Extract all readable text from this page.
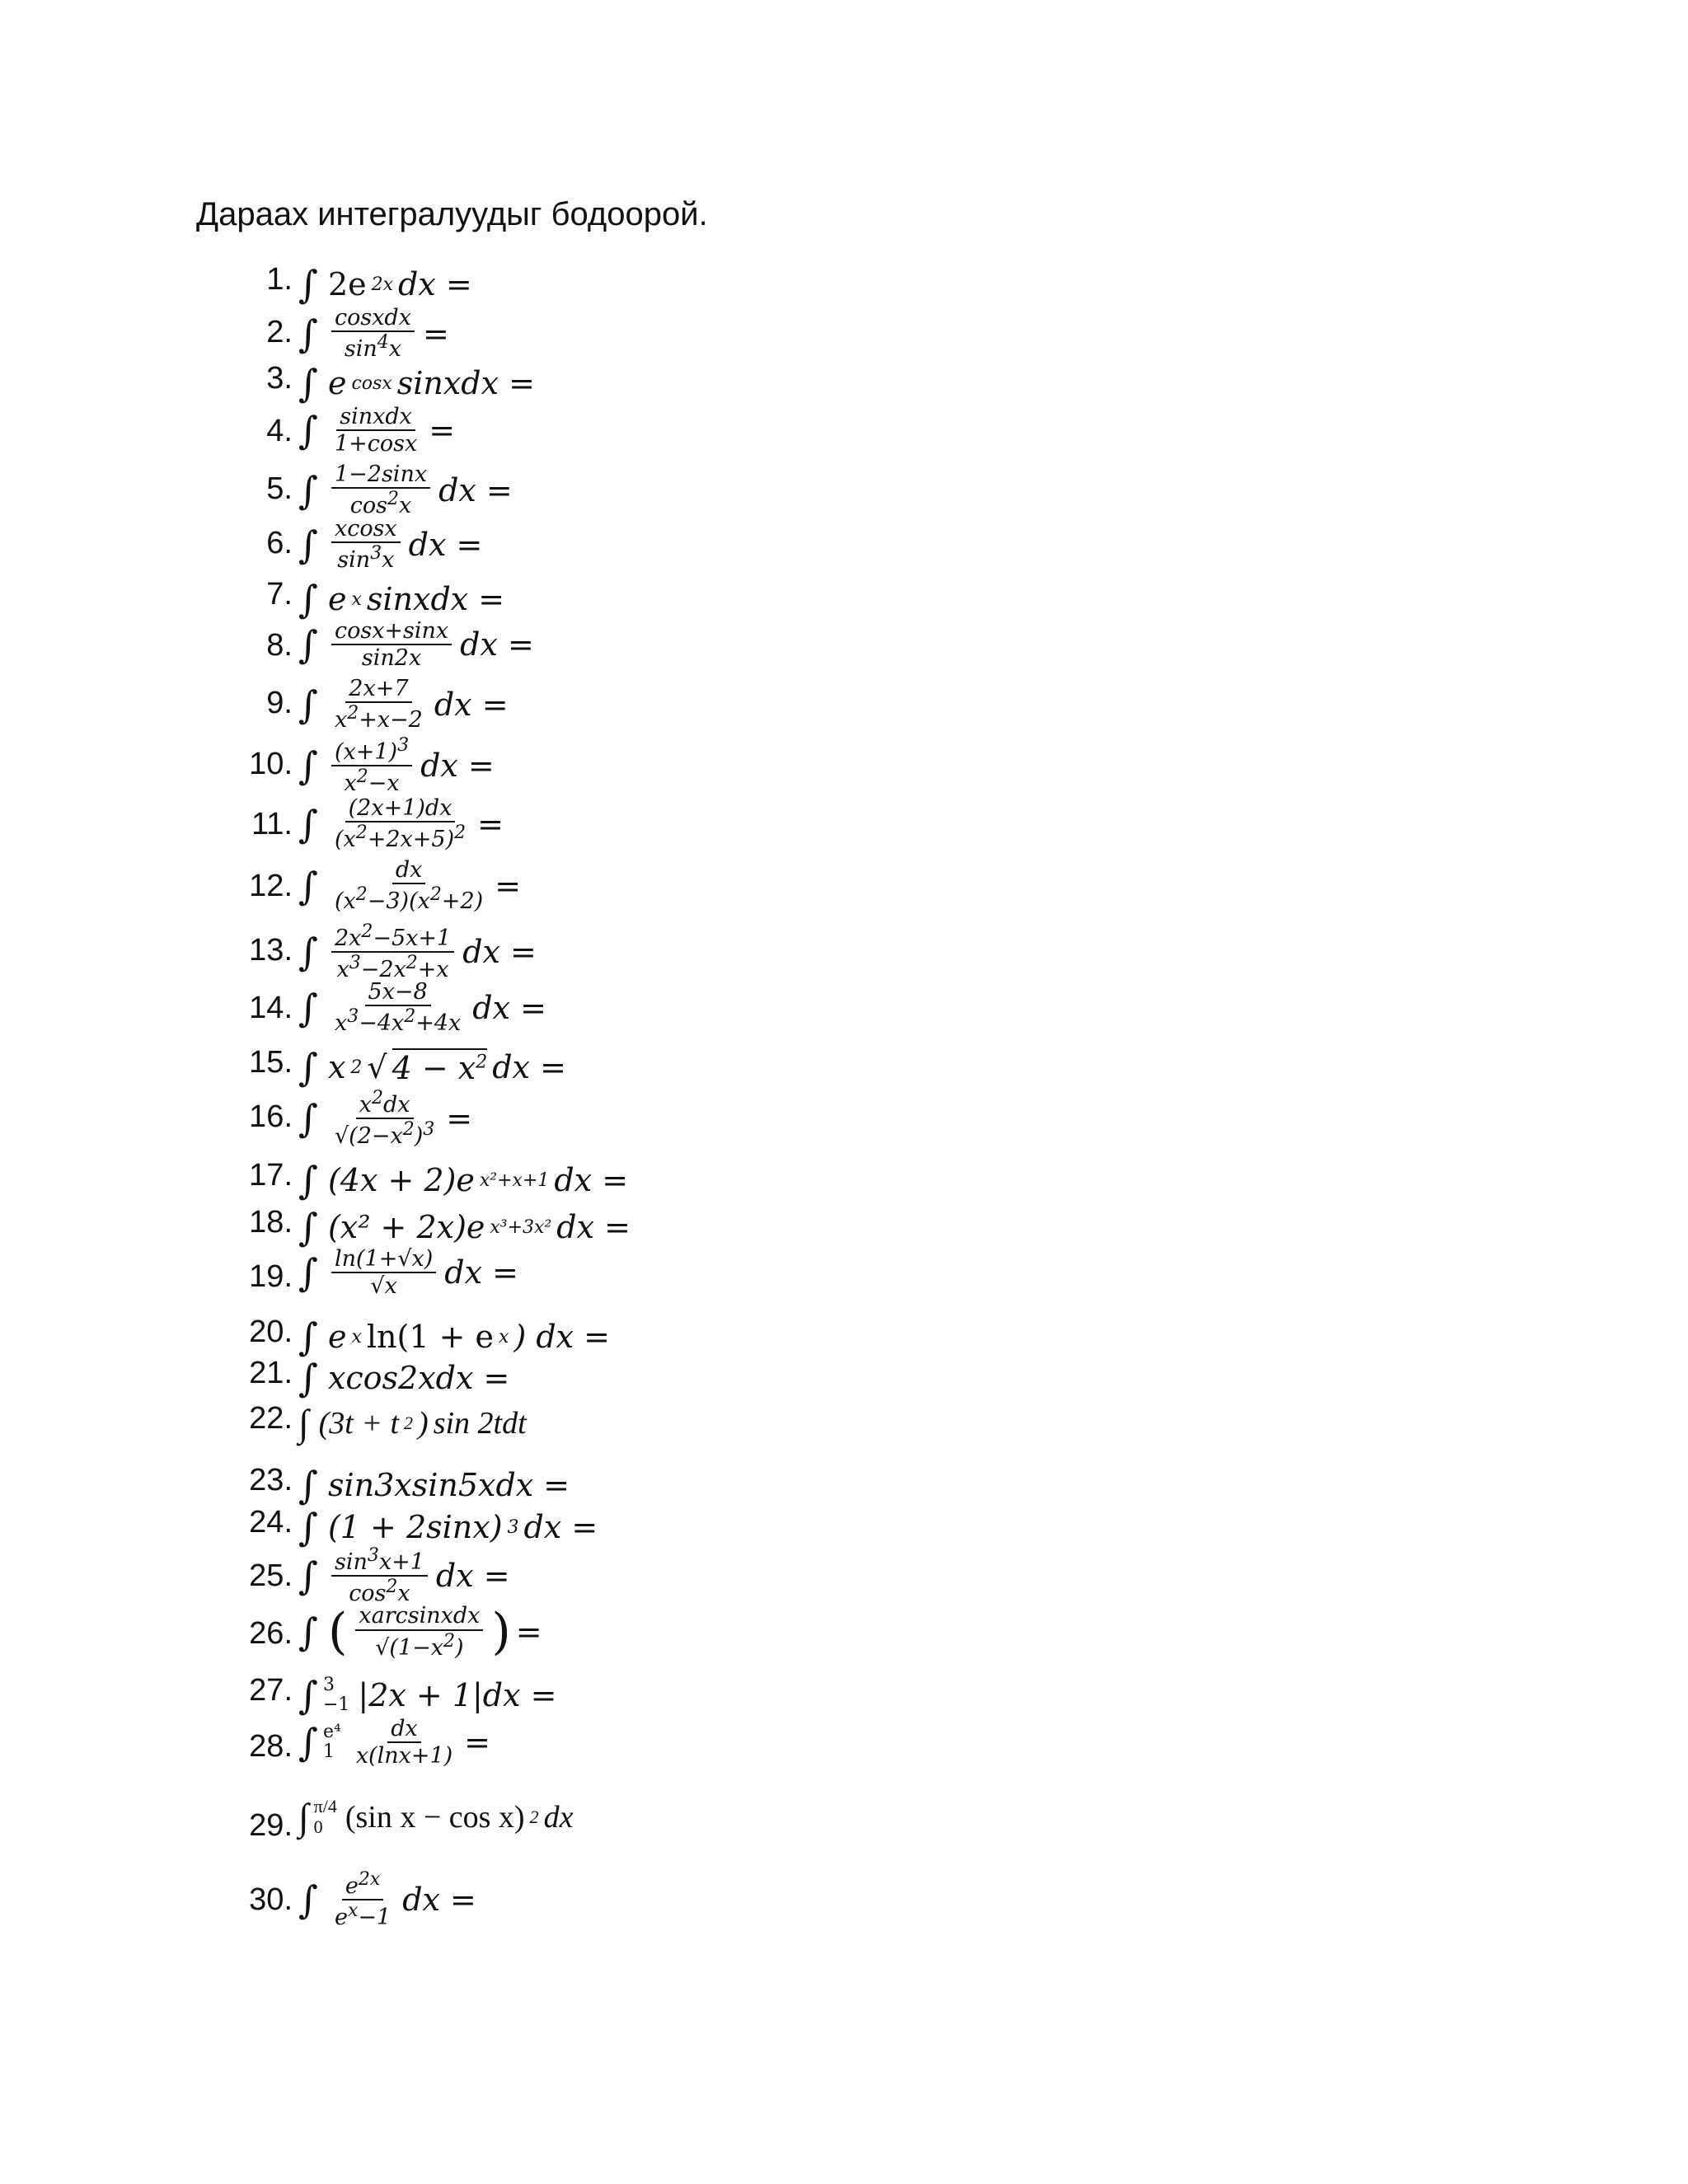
Дараах интегралуудыг бодоорой.
1. ∫ 2e 2x dx =
2. ∫ $\frac{\text{cosxdx}}{\sin^4x}$ =
3. ∫ e cosx sinxdx =
4. ∫ $\frac{\text{sinxdx}}{1+\cos x}$ =
5. ∫ $\frac{1-2\sin x}{\cos^2x}$ dx =
6. ∫ $\frac{xcosx}{\sin^3x}$ dx =
7. ∫ e x sinxdx =
8. ∫ $\frac{\cos x+\sin x}{\sin 2x}$ dx =
9. ∫ $\frac{2x+7}{x^2+x-2}$ dx =
10. ∫ $\frac{(x+1)^3}{x^2-x}$ dx =
11. ∫ $\frac{(2x+1)dx}{(x^2+2x+5)^2}$ =
12. ∫ $\frac{dx}{(x^2-3)(x^2+2)}$ =
13. ∫ $\frac{2x^2-5x+1}{x^3-2x^2+x}$ dx =
14. ∫ $\frac{5x-8}{x^3-4x^2+4x}$ dx =
15. ∫ x 2 √ $4 - x^2$ dx =
16. ∫ $\frac{x^2dx}{√(2-x^2)^3}$ =
17. ∫ (4x + 2)e x²+x+1 dx =
18. ∫ (x² + 2x)e x³+3x² dx =
19. ∫ $\frac{\ln(1+√x)}{√x}$ dx =
20. ∫ e x ln(1 + e x ) dx =
21. ∫ xcos2xdx =
22. ∫ (3t + t 2 ) sin 2tdt
23. ∫ sin3xsin5xdx =
24. ∫ (1 + 2sinx) 3 dx =
25. ∫ $\frac{\sin^3x+1}{\cos^2x}$ dx =
26. ∫ ( $\frac{\text{xarcsinxdx}}{√(1-x^2)}$ ) =
27. ∫ 3
−1 |2x + 1|dx =
28. ∫ e⁴
$1 \frac{dx}{x(\ln x+1)}$ =
29. ∫ π/4
0 (sin x − cos x) 2 dx
30. ∫ $\frac{e^{2x}}{e^x-1}$ dx =
